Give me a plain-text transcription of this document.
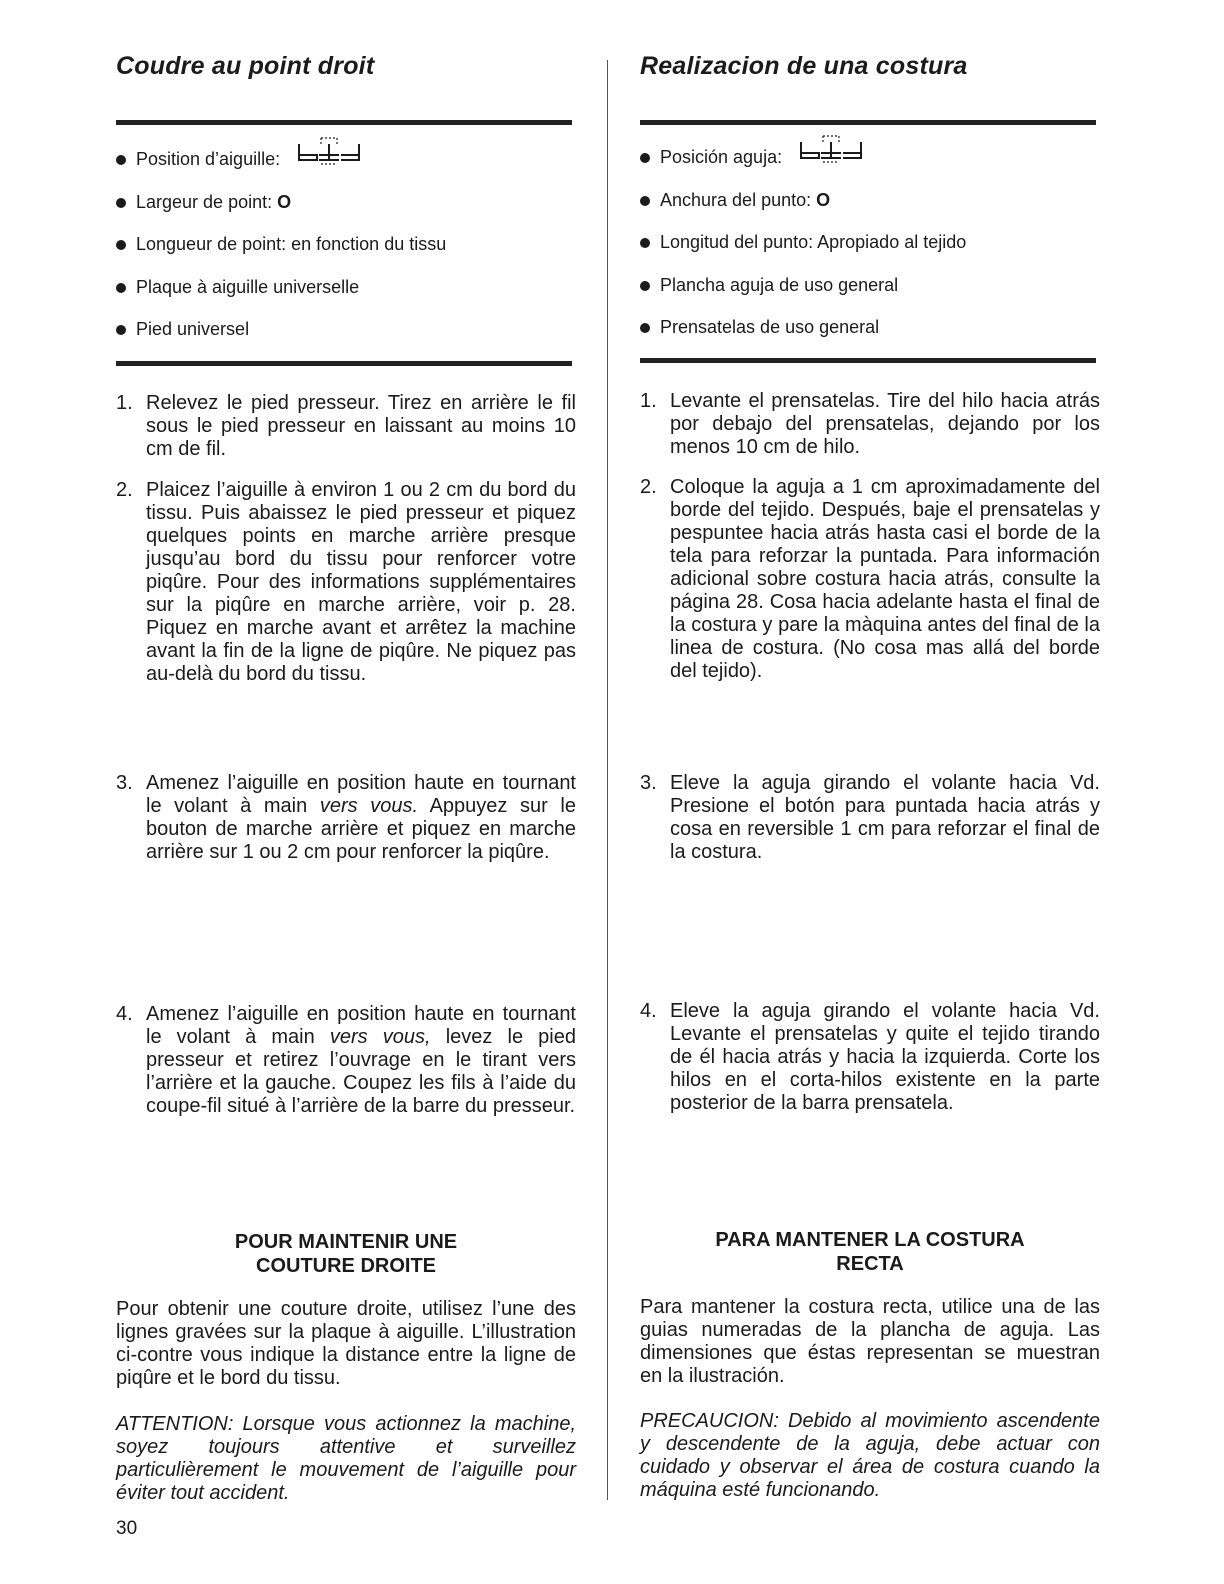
Coudre au point droit
Position d’aiguille:
Largeur de point: O
Longueur de point: en fonction du tissu
Plaque à aiguille universelle
Pied universel
1. Relevez le pied presseur. Tirez en arrière le fil sous le pied presseur en laissant au moins 10 cm de fil.
2. Plaicez l’aiguille à environ 1 ou 2 cm du bord du tissu. Puis abaissez le pied presseur et piquez quelques points en marche arrière presque jusqu’au bord du tissu pour renforcer votre piqûre. Pour des informations supplémentaires sur la piqûre en marche arrière, voir p. 28. Piquez en marche avant et arrêtez la machine avant la fin de la ligne de piqûre. Ne piquez pas au-delà du bord du tissu.
3. Amenez l’aiguille en position haute en tournant le volant à main vers vous. Appuyez sur le bouton de marche arrière et piquez en marche arrière sur 1 ou 2 cm pour renforcer la piqûre.
4. Amenez l’aiguille en position haute en tournant le volant à main vers vous, levez le pied presseur et retirez l’ouvrage en le tirant vers l’arrière et la gauche. Coupez les fils à l’aide du coupe-fil situé à l’arrière de la barre du presseur.
POUR MAINTENIR UNE
COUTURE DROITE

Pour obtenir une couture droite, utilisez l’une des lignes gravées sur la plaque à aiguille. L’illustration ci-contre vous indique la distance entre la ligne de piqûre et le bord du tissu.

ATTENTION: Lorsque vous actionnez la machine, soyez toujours attentive et surveillez particulièrement le mouvement de l’aiguille pour éviter tout accident.

Realizacion de una costura
Posición aguja:
Anchura del punto: O
Longitud del punto: Apropiado al tejido
Plancha aguja de uso general
Prensatelas de uso general
1. Levante el prensatelas. Tire del hilo hacia atrás por debajo del prensatelas, dejando por los menos 10 cm de hilo.
2. Coloque la aguja a 1 cm aproximadamente del borde del tejido. Después, baje el prensatelas y pespuntee hacia atrás hasta casi el borde de la tela para reforzar la puntada. Para información adicional sobre costura hacia atrás, consulte la página 28. Cosa hacia adelante hasta el final de la costura y pare la màquina antes del final de la linea de costura. (No cosa mas allá del borde del tejido).
3. Eleve la aguja girando el volante hacia Vd. Presione el botón para puntada hacia atrás y cosa en reversible 1 cm para reforzar el final de la costura.
4. Eleve la aguja girando el volante hacia Vd. Levante el prensatelas y quite el tejido tirando de él hacia atrás y hacia la izquierda. Corte los hilos en el corta-hilos existente en la parte posterior de la barra prensatela.
PARA MANTENER LA COSTURA
RECTA

Para mantener la costura recta, utilice una de las guias numeradas de la plancha de aguja. Las dimensiones que éstas representan se muestran en la ilustración.

PRECAUCION: Debido al movimiento ascendente y descendente de la aguja, debe actuar con cuidado y observar el área de costura cuando la máquina esté funcionando.

30
